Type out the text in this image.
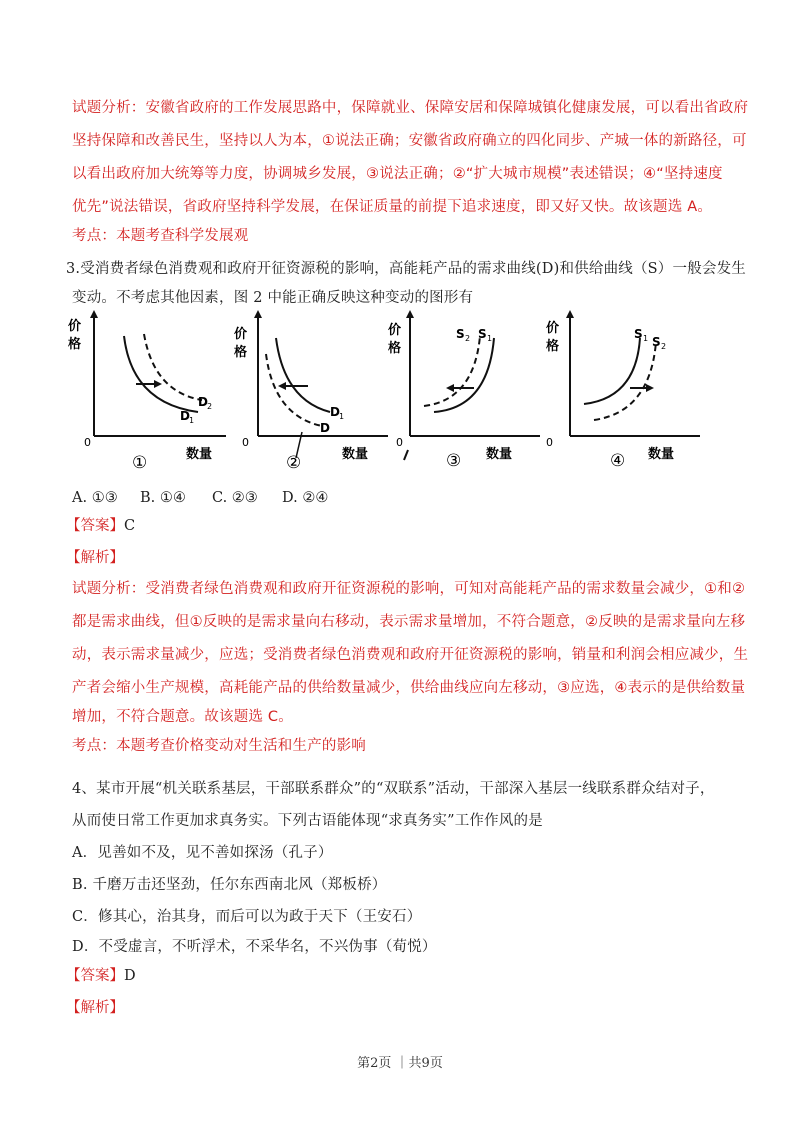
试题分析：安徽省政府的工作发展思路中，保障就业、保障安居和保障城镇化健康发展，可以看出省政府
坚持保障和改善民生，坚持以人为本，①说法正确；安徽省政府确立的四化同步、产城一体的新路径，可
以看出政府加大统筹等力度，协调城乡发展，③说法正确；②“扩大城市规模”表述错误；④“坚持速度
优先”说法错误，省政府坚持科学发展，在保证质量的前提下追求速度，即又好又快。故该题选 A。
考点：本题考查科学发展观
3.受消费者绿色消费观和政府开征资源税的影响，高能耗产品的需求曲线(D)和供给曲线（S）一般会发生
变动。不考虑其他因素，图 2 中能正确反映这种变动的图形有
价
格
0
数量
D 2
D 1
①
价
格
0
数量
D 1
D
②
价
格
0
数量
S 2 S 1
③
价
格
0
数量
S 1 S 2
④
A. ①③ B. ①④ C. ②③ D. ②④
【答案】C
【解析】
试题分析：受消费者绿色消费观和政府开征资源税的影响，可知对高能耗产品的需求数量会减少，①和②
都是需求曲线，但①反映的是需求量向右移动，表示需求量增加，不符合题意，②反映的是需求量向左移
动，表示需求量减少，应选；受消费者绿色消费观和政府开征资源税的影响，销量和利润会相应减少，生
产者会缩小生产规模，高耗能产品的供给数量减少，供给曲线应向左移动，③应选，④表示的是供给数量
增加，不符合题意。故该题选 C。
考点：本题考查价格变动对生活和生产的影响
4、某市开展“机关联系基层，干部联系群众”的“双联系”活动，干部深入基层一线联系群众结对子，
从而使日常工作更加求真务实。下列古语能体现“求真务实”工作作风的是
A．见善如不及，见不善如探汤（孔子）
B. 千磨万击还坚劲，任尔东西南北风（郑板桥）
C．修其心，治其身，而后可以为政于天下（王安石）
D．不受虚言，不听浮术，不采华名，不兴伪事（荀悦）
【答案】D
【解析】
第2页 ｜共9页
